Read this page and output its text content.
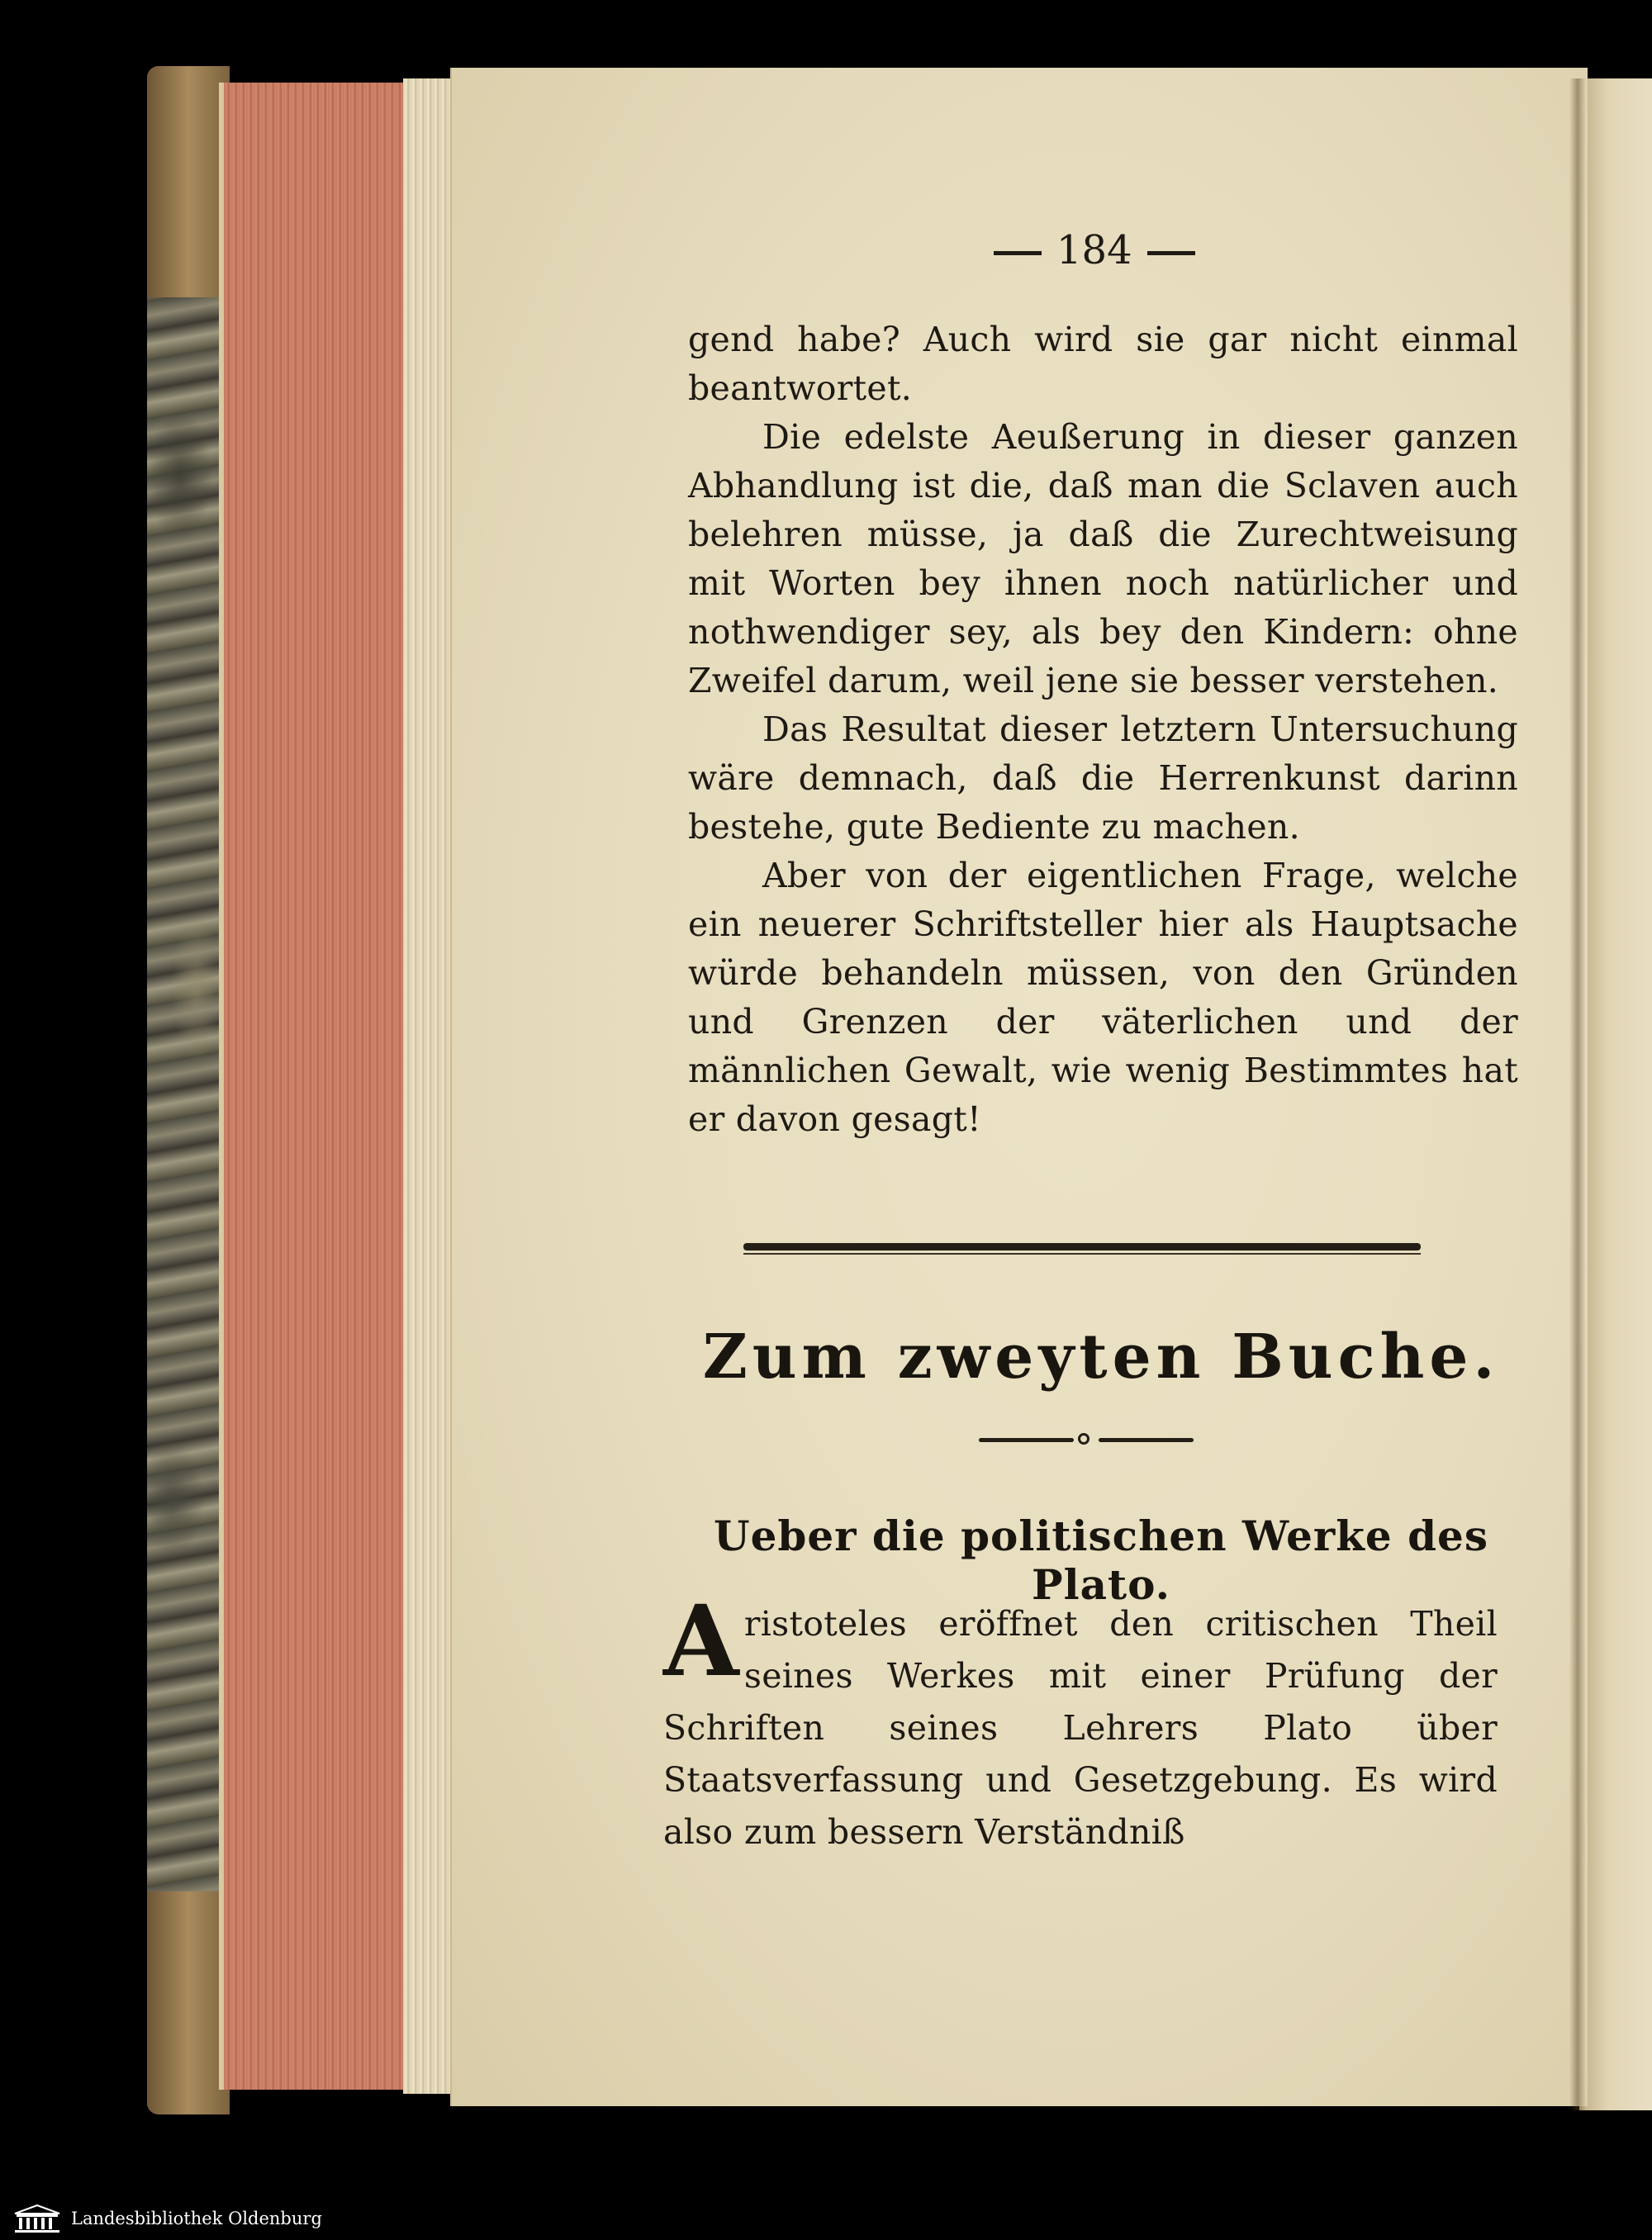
184

gend habe? Auch wird sie gar nicht einmal beantwortet.

Die edelste Aeußerung in dieser ganzen Abhandlung ist die, daß man die Sclaven auch belehren müsse, ja daß die Zurechtweisung mit Worten bey ihnen noch natürlicher und nothwendiger sey, als bey den Kindern: ohne Zweifel darum, weil jene sie besser verstehen.

Das Resultat dieser letztern Untersuchung wäre demnach, daß die Herrenkunst darinn bestehe, gute Bediente zu machen.

Aber von der eigentlichen Frage, welche ein neuerer Schriftsteller hier als Hauptsache würde behandeln müssen, von den Gründen und Grenzen der väterlichen und der männlichen Gewalt, wie wenig Bestimmtes hat er davon gesagt!

Zum zweyten Buche.
Ueber die politischen Werke des Plato.
Aristoteles eröffnet den critischen Theil seines Werkes mit einer Prüfung der Schriften seines Lehrers Plato über Staatsverfassung und Gesetzgebung. Es wird also zum bessern Verständniß
Landesbibliothek Oldenburg
